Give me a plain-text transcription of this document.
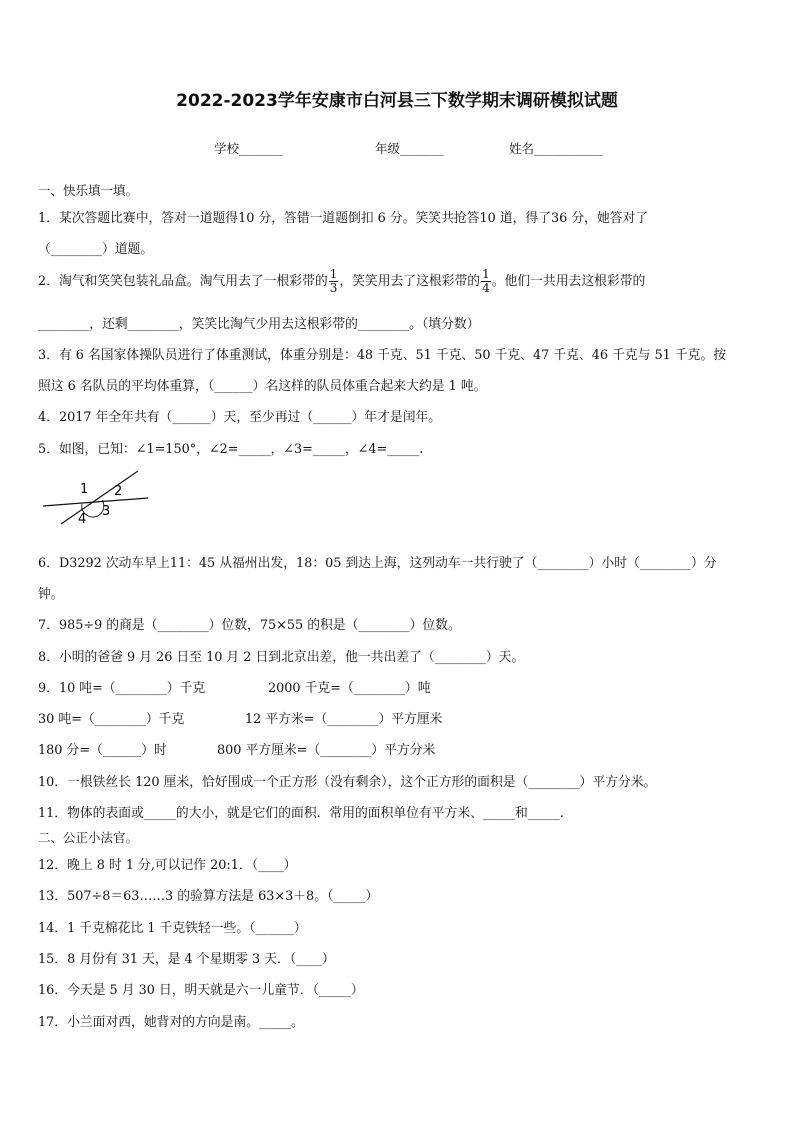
2022-2023学年安康市白河县三下数学期末调研模拟试题
学校_______	年级_______	姓名___________
一、快乐填一填。
1．某次答题比赛中，答对一道题得10 分，答错一道题倒扣 6 分。笑笑共抢答10 道，得了36 分，她答对了
（________）道题。
2．淘气和笑笑包装礼品盒。淘气用去了一根彩带的 $\frac{1}{3}$ ，笑笑用去了这根彩带的 $\frac{1}{4}$ 。他们一共用去这根彩带的
________，还剩________，笑笑比淘气少用去这根彩带的________。（填分数）
3．有 6 名国家体操队员进行了体重测试，体重分别是：48 千克、51 千克、50 千克、47 千克、46 千克与 51 千克。按
照这 6 名队员的平均体重算，（______）名这样的队员体重合起来大约是 1 吨。
4．2017 年全年共有（______）天，至少再过（______）年才是闰年。
5．如图，已知：∠1=150°，∠2=_____，∠3=_____，∠4=_____.
1 2
3
4
6．D3292 次动车早上11：45 从福州出发，18：05 到达上海，这列动车一共行驶了（________）小时（________）分
钟。
7．985÷9 的商是（________）位数，75×55 的积是（________）位数。
8．小明的爸爸 9 月 26 日至 10 月 2 日到北京出差，他一共出差了（________）天。
9．10 吨=（________）千克	2000 千克=（________）吨
30 吨=（________）千克	12 平方米=（________）平方厘米
180 分=（______）时	800 平方厘米=（________）平方分米
10．一根铁丝长 120 厘米，恰好围成一个正方形（没有剩余），这个正方形的面积是（________）平方分米。
11．物体的表面或_____的大小，就是它们的面积．常用的面积单位有平方米、_____和_____.
二、公正小法官。
12．晚上 8 时 1 分,可以记作 20:1．（____）
13．507÷8＝63……3 的验算方法是 63×3＋8。（_____）
14．1 千克棉花比 1 千克铁轻一些。（______）
15．8 月份有 31 天，是 4 个星期零 3 天．（____）
16．今天是 5 月 30 日，明天就是六一儿童节．（_____）
17．小兰面对西，她背对的方向是南。_____。
